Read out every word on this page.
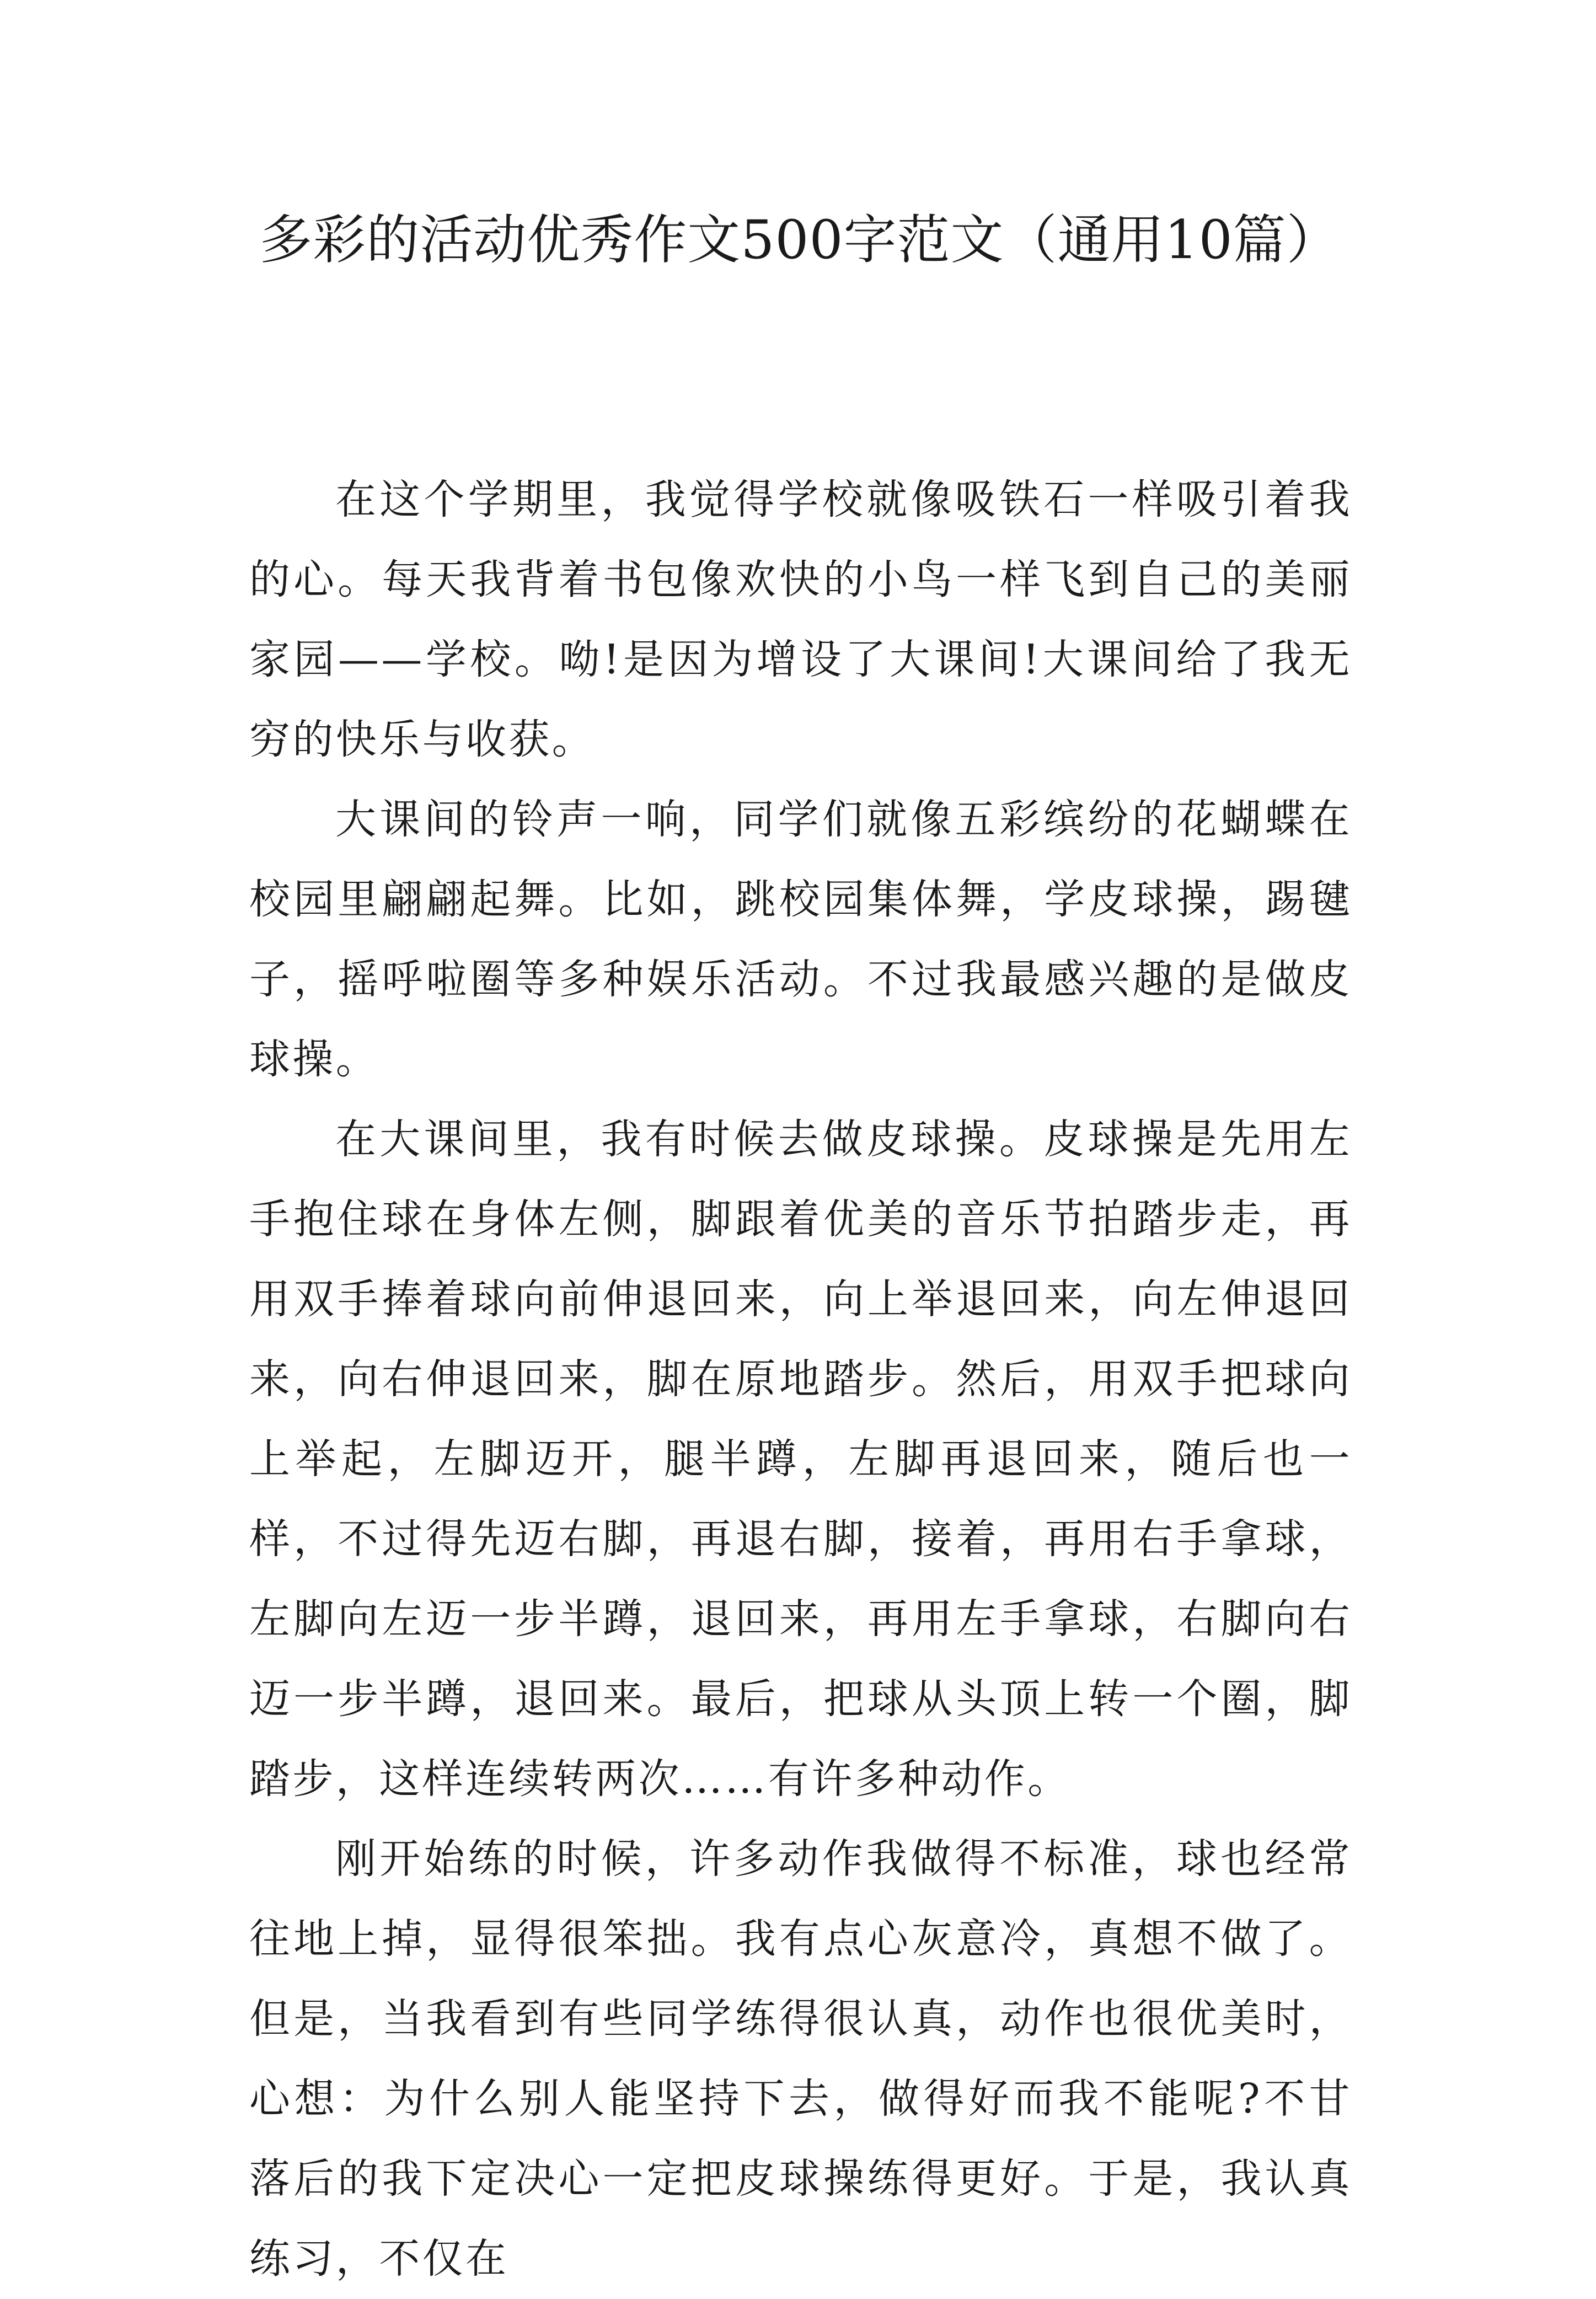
多彩的活动优秀作文500字范文（通用10篇）

在这个学期里，我觉得学校就像吸铁石一样吸引着我的心。每天我背着书包像欢快的小鸟一样飞到自己的美丽家园——学校。呦!是因为增设了大课间!大课间给了我无穷的快乐与收获。

大课间的铃声一响，同学们就像五彩缤纷的花蝴蝶在校园里翩翩起舞。比如，跳校园集体舞，学皮球操，踢毽子，摇呼啦圈等多种娱乐活动。不过我最感兴趣的是做皮球操。

在大课间里，我有时候去做皮球操。皮球操是先用左手抱住球在身体左侧，脚跟着优美的音乐节拍踏步走，再用双手捧着球向前伸退回来，向上举退回来，向左伸退回来，向右伸退回来，脚在原地踏步。然后，用双手把球向上举起，左脚迈开，腿半蹲，左脚再退回来，随后也一样，不过得先迈右脚，再退右脚，接着，再用右手拿球，左脚向左迈一步半蹲，退回来，再用左手拿球，右脚向右迈一步半蹲，退回来。最后，把球从头顶上转一个圈，脚踏步，这样连续转两次……有许多种动作。

刚开始练的时候，许多动作我做得不标准，球也经常往地上掉，显得很笨拙。我有点心灰意冷，真想不做了。但是，当我看到有些同学练得很认真，动作也很优美时，心想：为什么别人能坚持下去，做得好而我不能呢?不甘落后的我下定决心一定把皮球操练得更好。于是，我认真练习，不仅在
